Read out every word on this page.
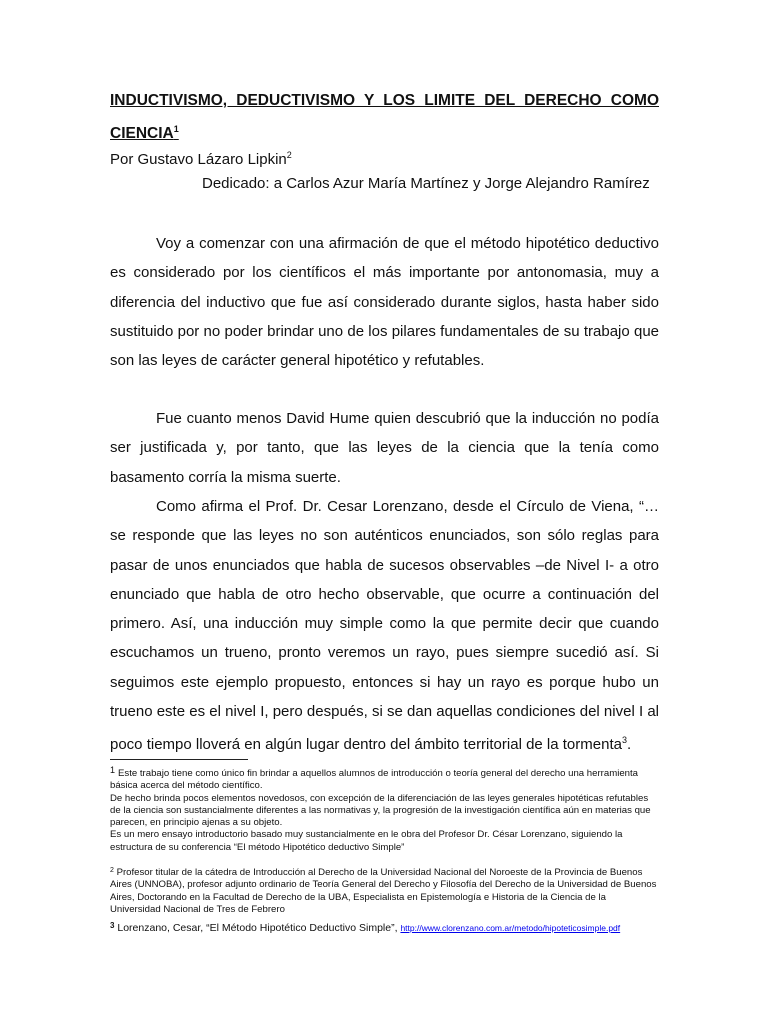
INDUCTIVISMO, DEDUCTIVISMO Y LOS LIMITE DEL DERECHO COMO CIENCIA$^1$
Por Gustavo Lázaro Lipkin$^2$
Dedicado: a Carlos Azur María Martínez y Jorge Alejandro Ramírez

Voy a comenzar con una afirmación de que el método hipotético deductivo es considerado por los científicos el más importante por antonomasia, muy a diferencia del inductivo que fue así considerado durante siglos, hasta haber sido sustituido por no poder brindar uno de los pilares fundamentales de su trabajo que son las leyes de carácter general hipotético y refutables.

Fue cuanto menos David Hume quien descubrió que la inducción no podía ser justificada y, por tanto, que las leyes de la ciencia que la tenía como basamento corría la misma suerte.

Como afirma el Prof. Dr. Cesar Lorenzano, desde el Círculo de Viena, “…se responde que las leyes no son auténticos enunciados, son sólo reglas para pasar de unos enunciados que habla de sucesos observables –de Nivel I- a otro enunciado que habla de otro hecho observable, que ocurre a continuación del primero. Así, una inducción muy simple como la que permite decir que cuando escuchamos un trueno, pronto veremos un rayo, pues siempre sucedió así. Si seguimos este ejemplo propuesto, entonces si hay un rayo es porque hubo un trueno este es el nivel I, pero después, si se dan aquellas condiciones del nivel I al poco tiempo lloverá en algún lugar dentro del ámbito territorial de la tormenta$^3$.

1 Este trabajo tiene como único fin brindar a aquellos alumnos de introducción o teoría general del derecho una herramienta básica acerca del método científico.
De hecho brinda pocos elementos novedosos, con excepción de la diferenciación de las leyes generales hipotéticas refutables de la ciencia son sustancialmente diferentes a las normativas y, la progresión de la investigación científica aún en materias que parecen, en principio ajenas a su objeto.
Es un mero ensayo introductorio basado muy sustancialmente en le obra del Profesor Dr. César Lorenzano, siguiendo la estructura de su conferencia “El método Hipotético deductivo Simple”
$^2$ Profesor titular de la cátedra de Introducción al Derecho de la Universidad Nacional del Noroeste de la Provincia de Buenos Aires (UNNOBA), profesor adjunto ordinario de Teoría General del Derecho y Filosofía del Derecho de la Universidad de Buenos Aires, Doctorando en la Facultad de Derecho de la UBA, Especialista en Epistemología e Historia de la Ciencia de la Universidad Nacional de Tres de Febrero
$^3$ Lorenzano, Cesar, “El Método Hipotético Deductivo Simple”, http://www.clorenzano.com.ar/metodo/hipoteticosimple.pdf
